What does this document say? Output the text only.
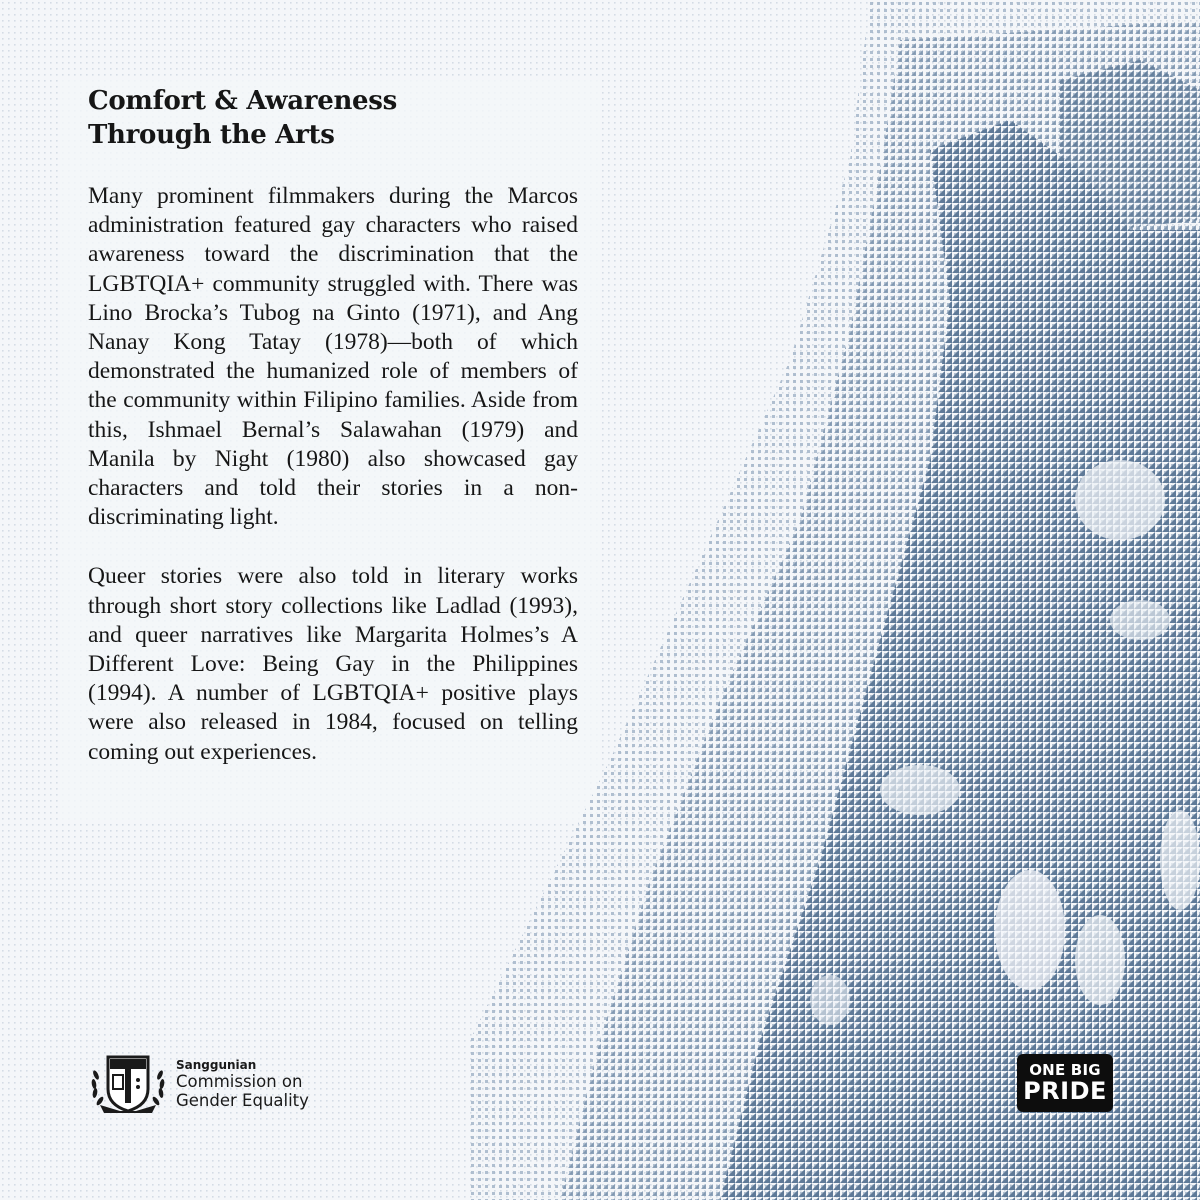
Comfort & Awareness
Through the Arts

Many prominent filmmakers during the Marcos administration featured gay characters who raised awareness toward the discrimination that the LGBTQIA+ community struggled with. There was Lino Brocka’s Tubog na Ginto (1971), and Ang Nanay Kong Tatay (1978)—both of which demonstrated the humanized role of members of the community within Filipino families. Aside from this, Ishmael Bernal’s Salawahan (1979) and Manila by Night (1980) also showcased gay characters and told their stories in a non-discriminating light.

Queer stories were also told in literary works through short story collections like Ladlad (1993), and queer narratives like Margarita Holmes’s A Different Love: Being Gay in the Philippines (1994). A number of LGBTQIA+ positive plays were also released in 1984, focused on telling coming out experiences.

Sanggunian
Commission on
Gender Equality
ONE BIG
PRIDE
